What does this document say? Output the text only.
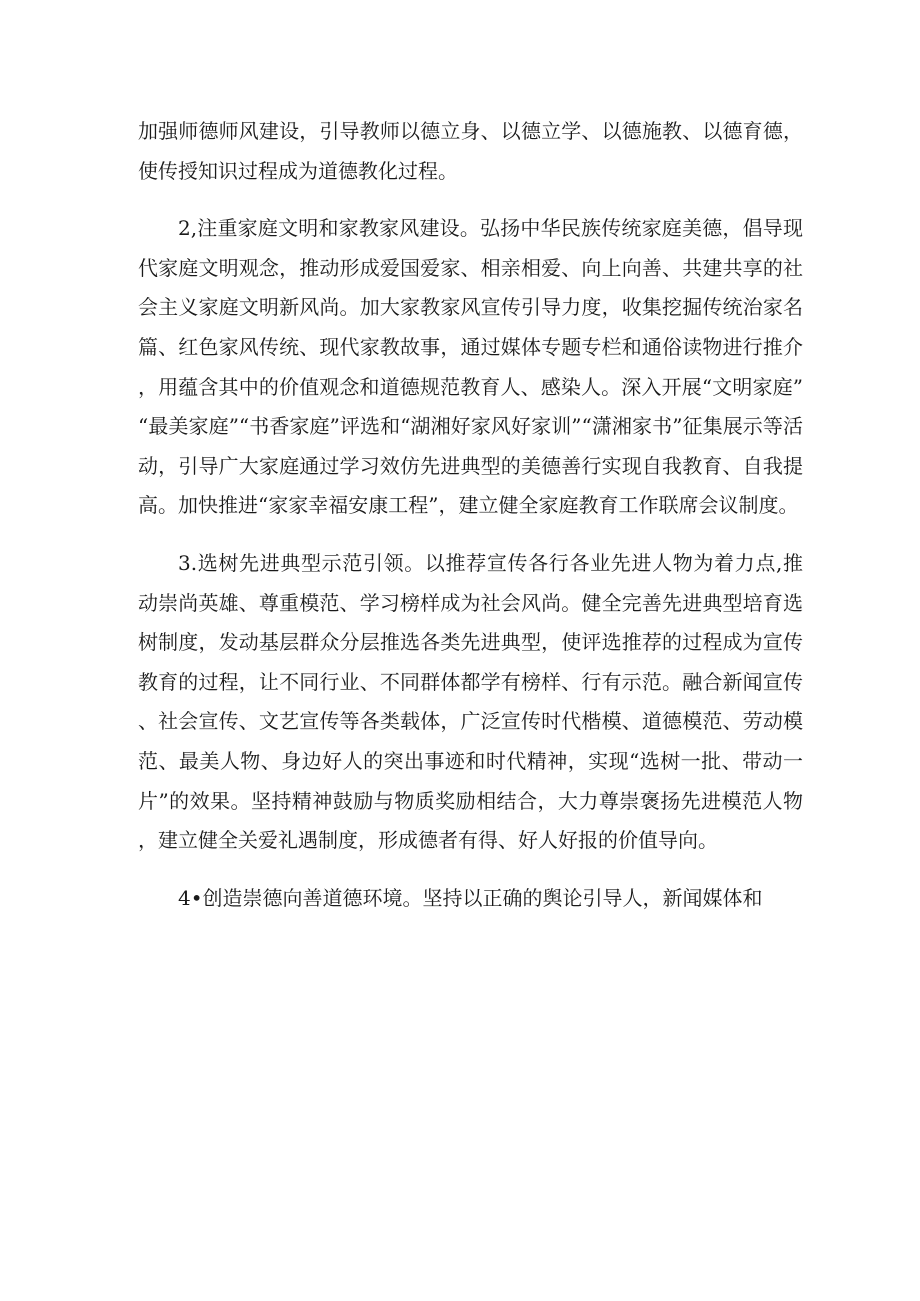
加强师德师风建设，引导教师以德立身、以德立学、以德施教、以德育德，使传授知识过程成为道德教化过程。

2,注重家庭文明和家教家风建设。弘扬中华民族传统家庭美德，倡导现代家庭文明观念，推动形成爱国爱家、相亲相爱、向上向善、共建共享的社会主义家庭文明新风尚。加大家教家风宣传引导力度，收集挖掘传统治家名篇、红色家风传统、现代家教故事，通过媒体专题专栏和通俗读物进行推介，用蕴含其中的价值观念和道德规范教育人、感染人。深入开展“文明家庭”“最美家庭”“书香家庭”评选和“湖湘好家风好家训”“潇湘家书”征集展示等活动，引导广大家庭通过学习效仿先进典型的美德善行实现自我教育、自我提高。加快推进“家家幸福安康工程”，建立健全家庭教育工作联席会议制度。

3.选树先进典型示范引领。以推荐宣传各行各业先进人物为着力点,推动崇尚英雄、尊重模范、学习榜样成为社会风尚。健全完善先进典型培育选树制度，发动基层群众分层推选各类先进典型，使评选推荐的过程成为宣传教育的过程，让不同行业、不同群体都学有榜样、行有示范。融合新闻宣传、社会宣传、文艺宣传等各类载体，广泛宣传时代楷模、道德模范、劳动模范、最美人物、身边好人的突出事迹和时代精神，实现“选树一批、带动一片”的效果。坚持精神鼓励与物质奖励相结合，大力尊崇褒扬先进模范人物，建立健全关爱礼遇制度，形成德者有得、好人好报的价值导向。

4•创造崇德向善道德环境。坚持以正确的舆论引导人，新闻媒体和
